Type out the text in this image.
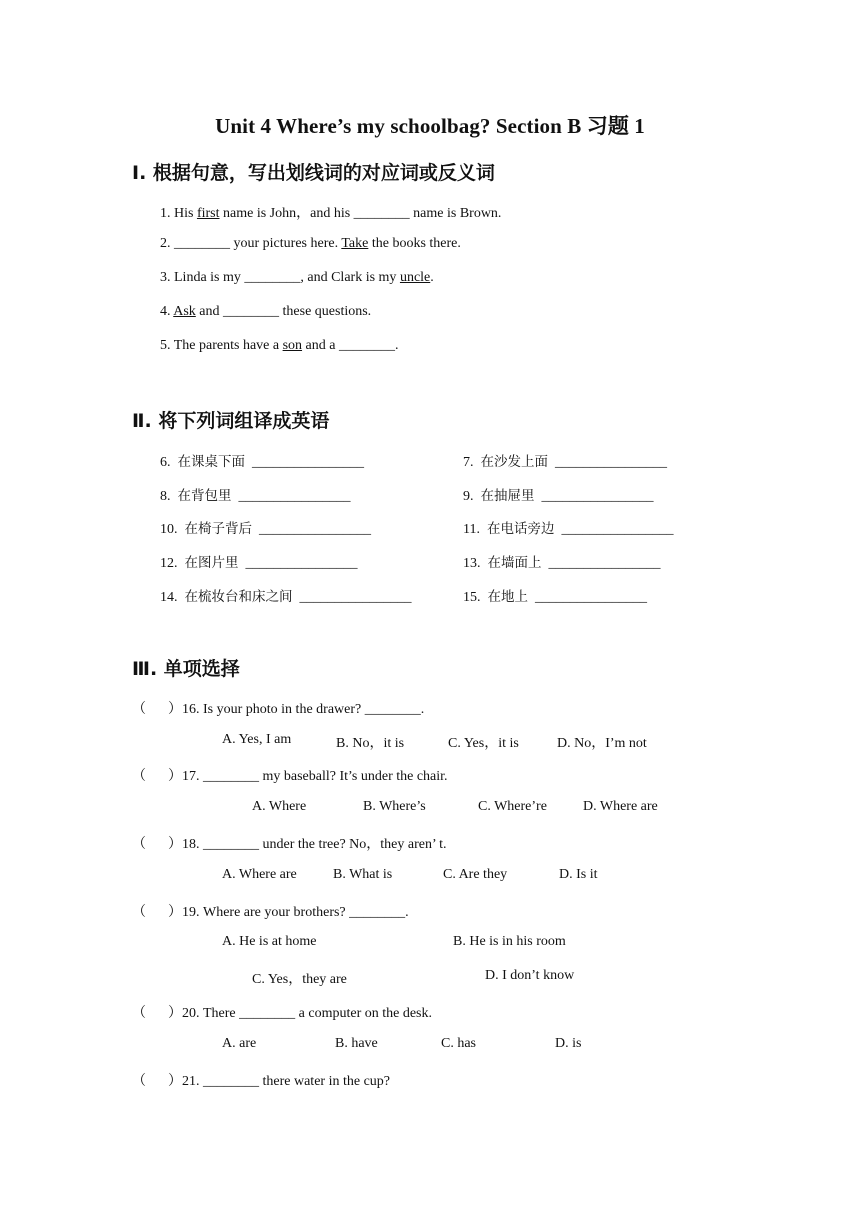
Unit 4 Where’s my schoolbag? Section B 习题 1
Ⅰ. 根据句意，写出划线词的对应词或反义词
1. His first name is John，and his ________ name is Brown.
2. ________ your pictures here. Take the books there.
3. Linda is my ________, and Clark is my uncle.
4. Ask and ________ these questions.
5. The parents have a son and a ________.
Ⅱ. 将下列词组译成英语
6. 在课桌下面 ________________	7. 在沙发上面 ________________
8. 在背包里 ________________	9. 在抽屉里 ________________
10. 在椅子背后 ________________	11. 在电话旁边 ________________
12. 在图片里 ________________	13. 在墙面上 ________________
14. 在梳妆台和床之间 ________________	15. 在地上 ________________
Ⅲ. 单项选择
（ ）16. Is your photo in the drawer? ________.
A. Yes, I am	B. No，it is	C. Yes，it is	D. No，I’m not
（ ）17. ________ my baseball? It’s under the chair.
A. Where	B. Where’s	C. Where’re	D. Where are
（ ）18. ________ under the tree? No，they aren’ t.
A. Where are	B. What is	C. Are they	D. Is it
（ ）19. Where are your brothers? ________.
A. He is at home	B. He is in his room
C. Yes，they are	D. I don’t know
（ ）20. There ________ a computer on the desk.
A. are	B. have	C. has	D. is
（ ）21. ________ there water in the cup?
